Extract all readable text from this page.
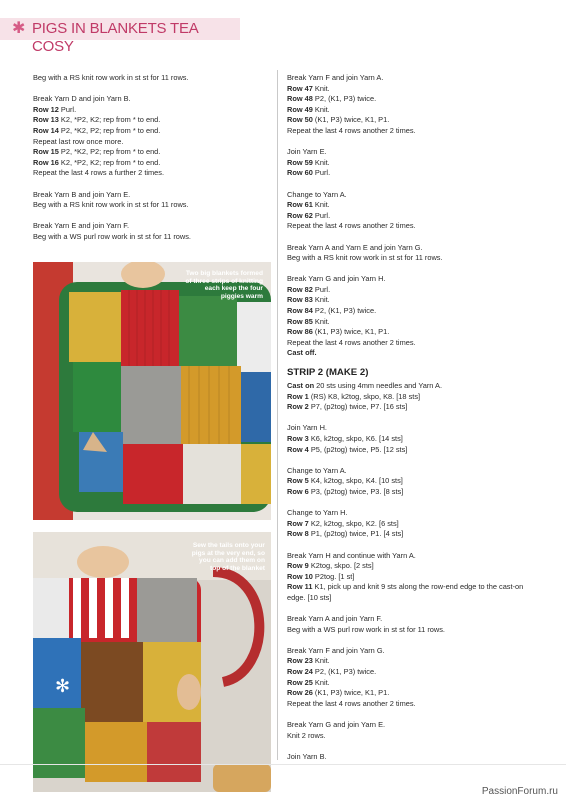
✱ PIGS IN BLANKETS TEA COSY
Beg with a RS knit row work in st st for 11 rows.
Break Yarn D and join Yarn B.
Row 12 Purl.
Row 13 K2, *P2, K2; rep from * to end.
Row 14 P2, *K2, P2; rep from * to end.
Repeat last row once more.
Row 15 P2, *K2, P2; rep from * to end.
Row 16 K2, *P2, K2; rep from * to end.
Repeat the last 4 rows a further 2 times.
Break Yarn B and join Yarn E.
Beg with a RS knit row work in st st for 11 rows.
Break Yarn E and join Yarn F.
Beg with a WS purl row work in st st for 11 rows.
Two big blankets formed of three strips of knitting each keep the four piggies warm
✻
Sew the tails onto your pigs at the very end, so you can add them on top of the blanket
Break Yarn F and join Yarn A.
Row 47 Knit.
Row 48 P2, (K1, P3) twice.
Row 49 Knit.
Row 50 (K1, P3) twice, K1, P1.
Repeat the last 4 rows another 2 times.
Join Yarn E.
Row 59 Knit.
Row 60 Purl.
Change to Yarn A.
Row 61 Knit.
Row 62 Purl.
Repeat the last 4 rows another 2 times.
Break Yarn A and Yarn E and join Yarn G.
Beg with a RS knit row work in st st for 11 rows.
Break Yarn G and join Yarn H.
Row 82 Purl.
Row 83 Knit.
Row 84 P2, (K1, P3) twice.
Row 85 Knit.
Row 86 (K1, P3) twice, K1, P1.
Repeat the last 4 rows another 2 times.
Cast off.
STRIP 2 (MAKE 2)
Cast on 20 sts using 4mm needles and Yarn A.
Row 1 (RS) K8, k2tog, skpo, K8. [18 sts]
Row 2 P7, (p2tog) twice, P7. [16 sts]
Join Yarn H.
Row 3 K6, k2tog, skpo, K6. [14 sts]
Row 4 P5, (p2tog) twice, P5. [12 sts]
Change to Yarn A.
Row 5 K4, k2tog, skpo, K4. [10 sts]
Row 6 P3, (p2tog) twice, P3. [8 sts]
Change to Yarn H.
Row 7 K2, k2tog, skpo, K2. [6 sts]
Row 8 P1, (p2tog) twice, P1. [4 sts]
Break Yarn H and continue with Yarn A.
Row 9 K2tog, skpo. [2 sts]
Row 10 P2tog. [1 st]
Row 11 K1, pick up and knit 9 sts along the row-end edge to the cast-on edge. [10 sts]
Break Yarn A and join Yarn F.
Beg with a WS purl row work in st st for 11 rows.
Break Yarn F and join Yarn G.
Row 23 Knit.
Row 24 P2, (K1, P3) twice.
Row 25 Knit.
Row 26 (K1, P3) twice, K1, P1.
Repeat the last 4 rows another 2 times.
Break Yarn G and join Yarn E.
Knit 2 rows.
Join Yarn B.
PassionForum.ru
